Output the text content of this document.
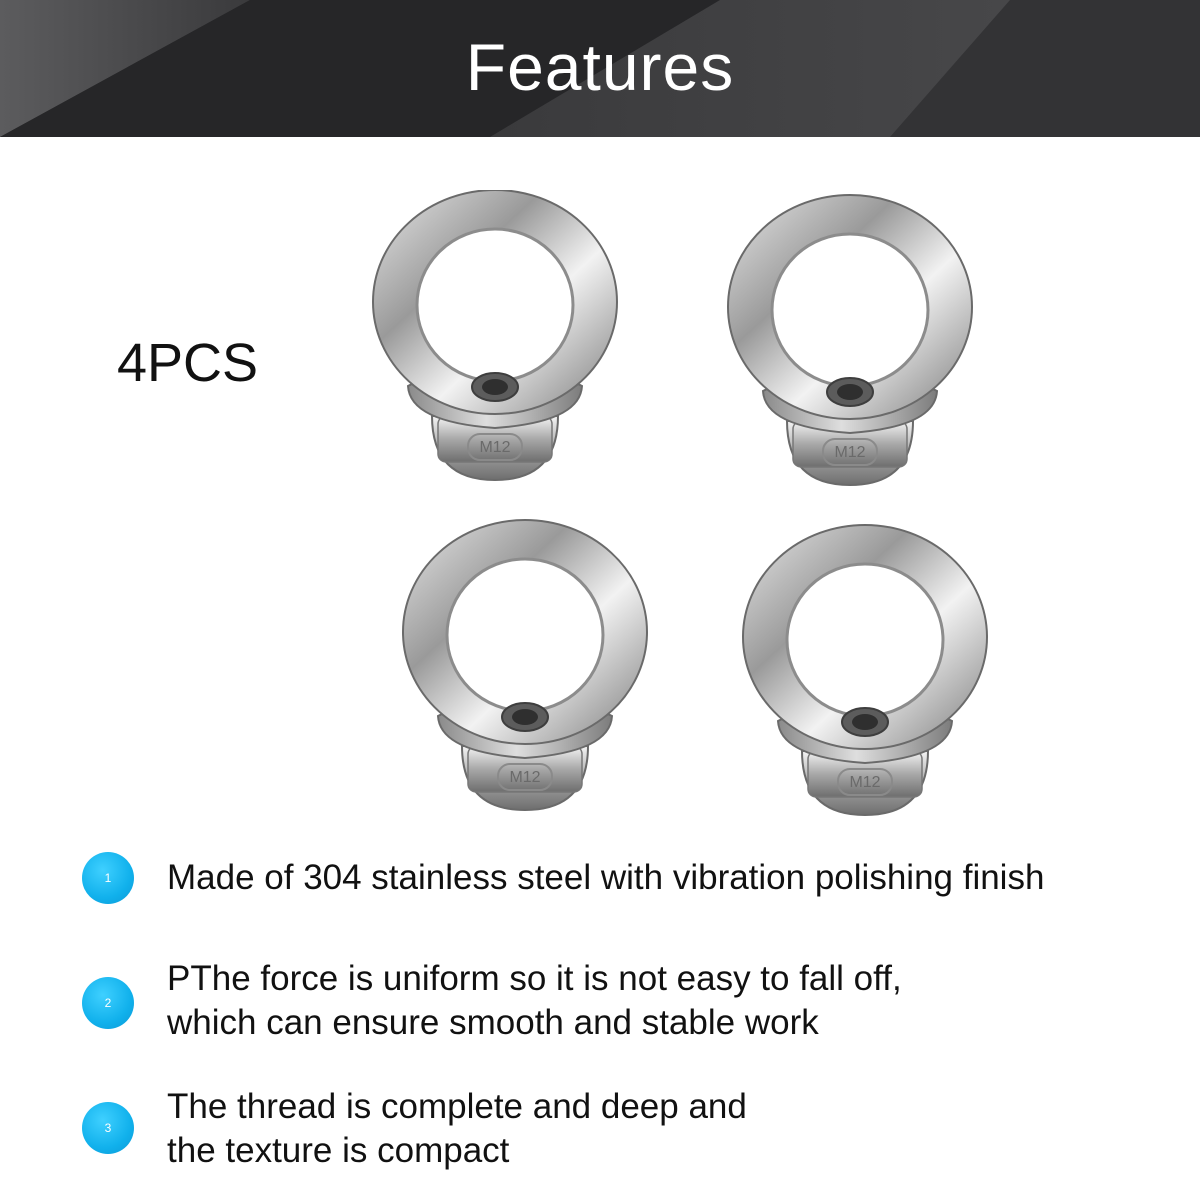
Features
4PCS
M12	M12
M12	M12
1	Made of 304 stainless steel with vibration polishing finish
2
PThe force is uniform so it is not easy to fall off,
which can ensure smooth and stable work
3
The thread is complete and deep and
the texture is compact
